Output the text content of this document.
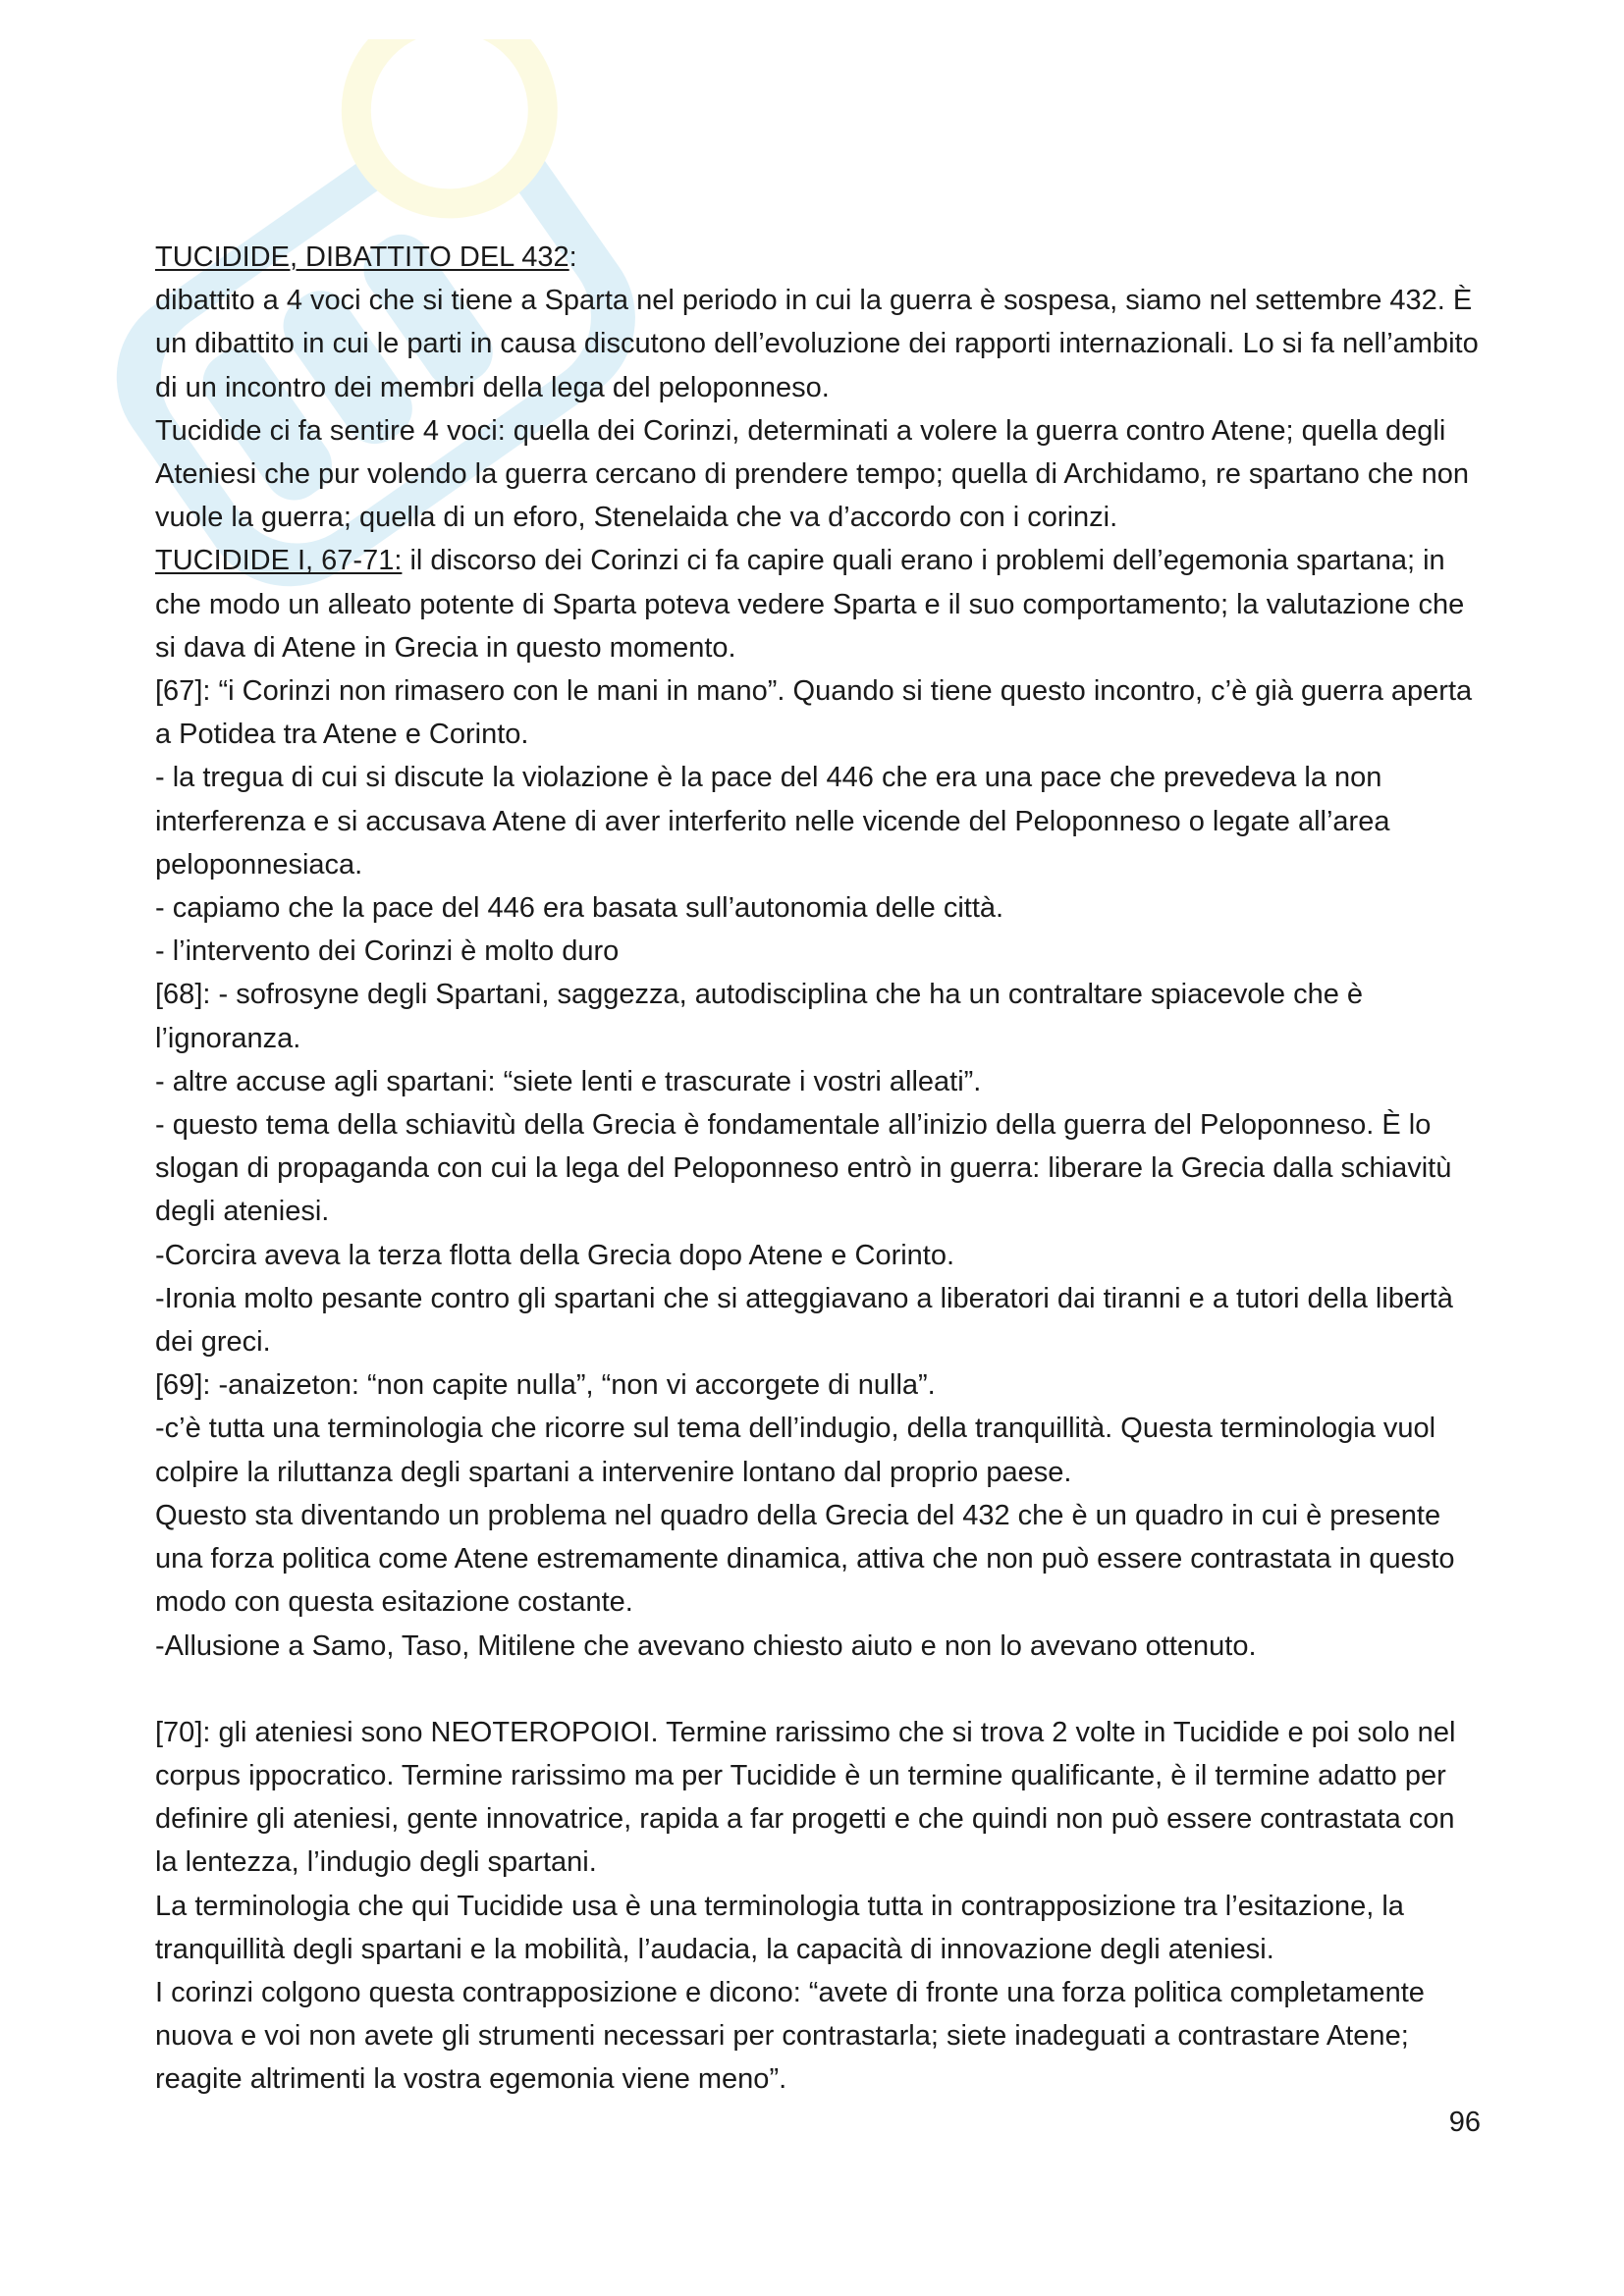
TUCIDIDE, DIBATTITO DEL 432:

dibattito a 4 voci che si tiene a Sparta nel periodo in cui la guerra è sospesa, siamo nel settembre 432. È un dibattito in cui le parti in causa discutono dell’evoluzione dei rapporti internazionali. Lo si fa nell’ambito di un incontro dei membri della lega del peloponneso.

Tucidide ci fa sentire 4 voci: quella dei Corinzi, determinati a volere la guerra contro Atene; quella degli Ateniesi che pur volendo la guerra cercano di prendere tempo; quella di Archidamo, re spartano che non vuole la guerra; quella di un eforo, Stenelaida che va d’accordo con i corinzi.

TUCIDIDE I, 67-71: il discorso dei Corinzi ci fa capire quali erano i problemi dell’egemonia spartana; in che modo un alleato potente di Sparta poteva vedere Sparta e il suo comportamento; la valutazione che si dava di Atene in Grecia in questo momento.

[67]: “i Corinzi non rimasero con le mani in mano”. Quando si tiene questo incontro, c’è già guerra aperta a Potidea tra Atene e Corinto.

- la tregua di cui si discute la violazione è la pace del 446 che era una pace che prevedeva la non interferenza e si accusava Atene di aver interferito nelle vicende del Peloponneso o legate all’area peloponnesiaca.

- capiamo che la pace del 446 era basata sull’autonomia delle città.

- l’intervento dei Corinzi è molto duro

[68]: - sofrosyne degli Spartani, saggezza, autodisciplina che ha un contraltare spiacevole che è l’ignoranza.

- altre accuse agli spartani: “siete lenti e trascurate i vostri alleati”.

- questo tema della schiavitù della Grecia è fondamentale all’inizio della guerra del Peloponneso. È lo slogan di propaganda con cui la lega del Peloponneso entrò in guerra: liberare la Grecia dalla schiavitù degli ateniesi.

-Corcira aveva la terza flotta della Grecia dopo Atene e Corinto.

-Ironia molto pesante contro gli spartani che si atteggiavano a liberatori dai tiranni e a tutori della libertà dei greci.

[69]: -anaizeton: “non capite nulla”, “non vi accorgete di nulla”.

-c’è tutta una terminologia che ricorre sul tema dell’indugio, della tranquillità. Questa terminologia vuol colpire la riluttanza degli spartani a intervenire lontano dal proprio paese.

Questo sta diventando un problema nel quadro della Grecia del 432 che è un quadro in cui è presente una forza politica come Atene estremamente dinamica, attiva che non può essere contrastata in questo modo con questa esitazione costante.

-Allusione a Samo, Taso, Mitilene che avevano chiesto aiuto e non lo avevano ottenuto.

[70]: gli ateniesi sono NEOTEROPOIOI. Termine rarissimo che si trova 2 volte in Tucidide e poi solo nel corpus ippocratico. Termine rarissimo ma per Tucidide è un termine qualificante, è il termine adatto per definire gli ateniesi, gente innovatrice, rapida a far progetti e che quindi non può essere contrastata con la lentezza, l’indugio degli spartani.

La terminologia che qui Tucidide usa è una terminologia tutta in contrapposizione tra l’esitazione, la tranquillità degli spartani e la mobilità, l’audacia, la capacità di innovazione degli ateniesi.

I corinzi colgono questa contrapposizione e dicono: “avete di fronte una forza politica completamente nuova e voi non avete gli strumenti necessari per contrastarla; siete inadeguati a contrastare Atene; reagite altrimenti la vostra egemonia viene meno”.

96
